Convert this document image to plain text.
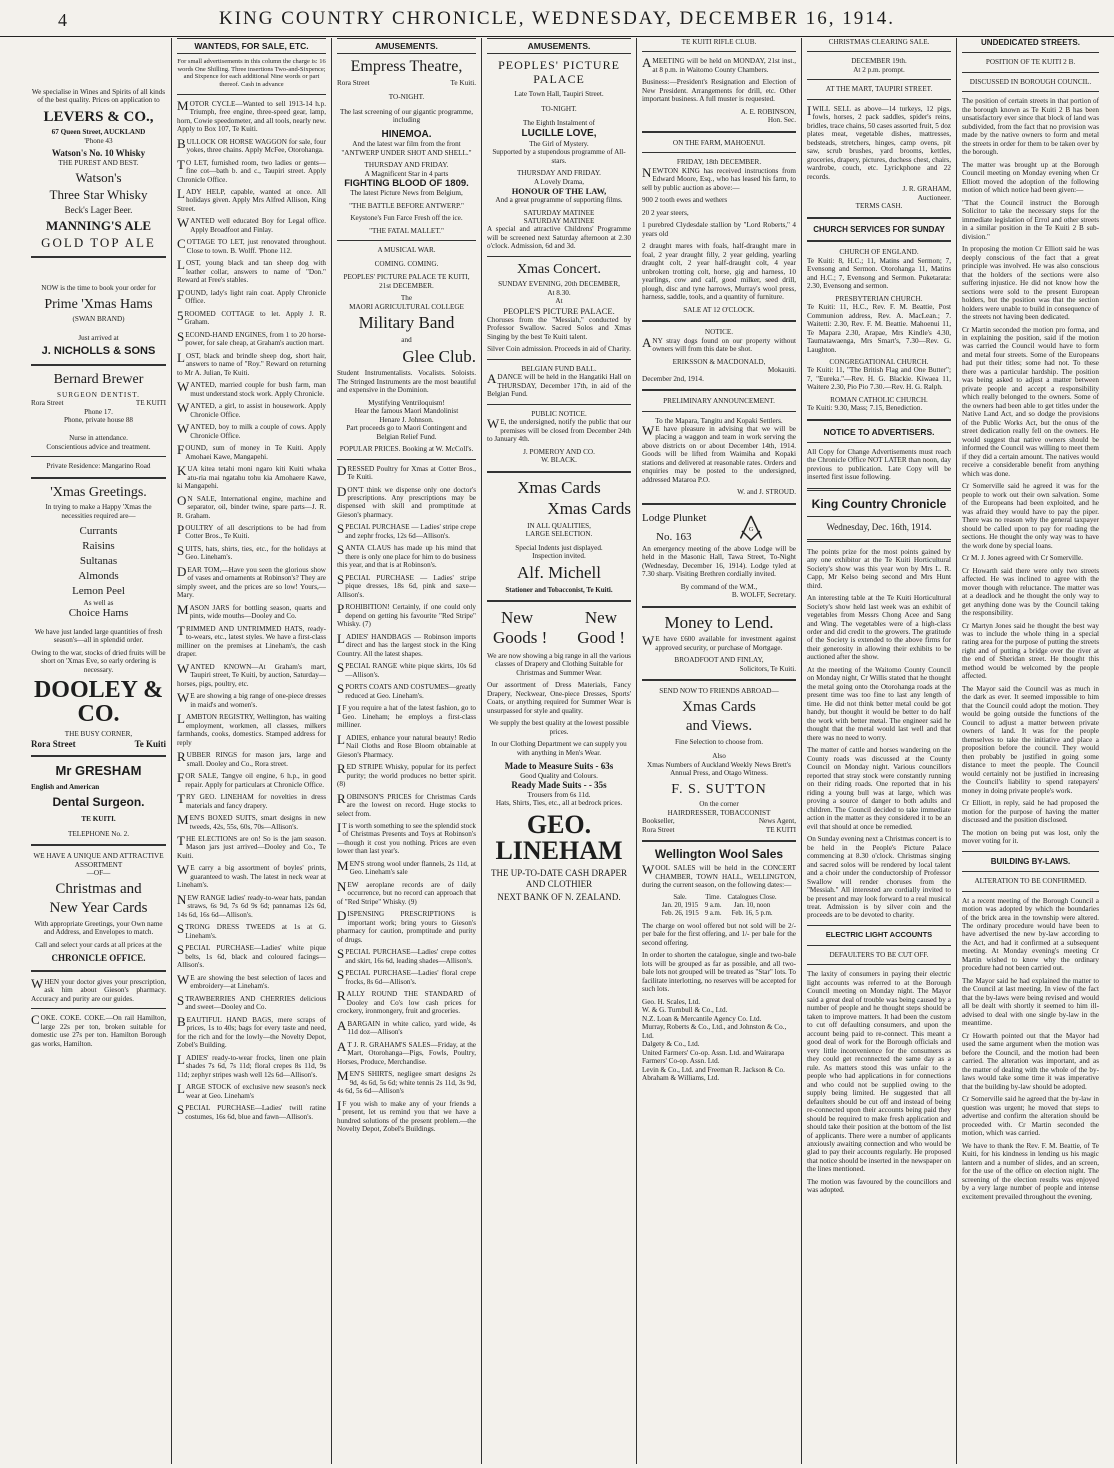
4	KING COUNTRY CHRONICLE, WEDNESDAY, DECEMBER 16, 1914.

We specialise in Wines and Spirits of all kinds of the best quality. Prices on application to

LEVERS & CO.,
67 Queen Street, AUCKLAND
'Phone 43
Watson's No. 10 Whisky
THE PUREST AND BEST.
Watson's
Three Star Whisky
Beck's Lager Beer.
MANNING'S ALE
GOLD TOP ALE

NOW is the time to book your order for

Prime 'Xmas Hams
(SWAN BRAND)
Just arrived at
J. NICHOLLS & SONS
Bernard Brewer
SURGEON DENTIST.
Rora Street	TE KUITI
Phone 17.
Phone, private house 88
Nurse in attendance.
Conscientious advice and treatment.
Private Residence: Mangarino Road
'Xmas Greetings.

In trying to make a Happy 'Xmas the necessities required are—

Currants
Raisins
Sultanas
Almonds
Lemon Peel
As well as
Choice Hams

We have just landed large quantities of fresh season's—all in splendid order.

Owing to the war, stocks of dried fruits will be short on 'Xmas Eve, so early ordering is necessary.

DOOLEY & CO.
THE BUSY CORNER,
Rora Street	Te Kuiti
Mr GRESHAM
English and American
Dental Surgeon.
TE KUITI.
TELEPHONE No. 2.
WE HAVE A UNIQUE AND ATTRACTIVE ASSORTMENT
—OF—
Christmas and
New Year Cards

With appropriate Greetings, your Own name and Address, and Envelopes to match.

Call and select your cards at all prices at the

CHRONICLE OFFICE.

WHEN your doctor gives your prescription, ask him about Gieson's pharmacy. Accuracy and purity are our guides.

COKE. COKE. COKE.—On rail Hamilton, large 22s per ton, broken suitable for domestic use 27s per ton. Hamilton Borough gas works, Hamilton.

WANTEDS, FOR SALE, ETC.

For small advertisements in this column the charge is: 16 words One Shilling. Three insertions Two-and-Sixpence; and Sixpence for each additional Nine words or part thereof. Cash in advance

MOTOR CYCLE—Wanted to sell 1913-14 h.p. Triumph, free engine, three-speed gear, lamp, horn, Cowie speedometer, and all tools, nearly new. Apply to Box 107, Te Kuiti.

BULLOCK OR HORSE WAGGON for sale, four yokes, three chains. Apply McFee, Otorohanga.

TO LET, furnished room, two ladies or gents—fine cot—bath b. and c., Taupiri street. Apply Chronicle Office.

LADY HELP, capable, wanted at once. All holidays given. Apply Mrs Alfred Allison, King Street.

WANTED well educated Boy for Legal office. Apply Broadfoot and Finlay.

COTTAGE TO LET, just renovated throughout. Close to town. B. Wolff. 'Phone 112.

LOST, young black and tan sheep dog with leather collar, answers to name of "Don." Reward at Free's stables.

FOUND, lady's light rain coat. Apply Chronicle Office.

5ROOMED COTTAGE to let. Apply J. R. Graham.

SECOND-HAND ENGINES, from 1 to 20 horse-power, for sale cheap, at Graham's auction mart.

LOST, black and brindle sheep dog, short hair, answers to name of "Roy." Reward on returning to Mr A. Julian, Te Kuiti.

WANTED, married couple for bush farm, man must understand stock work. Apply Chronicle.

WANTED, a girl, to assist in housework. Apply Chronicle Office.

WANTED, boy to milk a couple of cows. Apply Chronicle Office.

FOUND, sum of money in Te Kuiti. Apply Amohaei Kawe, Mangapehi.

KUA kitea tetahi moni ngaro kiti Kuiti whaka atu-ria mai ngatahu tohu kia Amohaere Kawe, ki Mangapehi.

ON SALE, International engine, machine and separator, oil, binder twine, spare parts—J. R. R. Graham.

POULTRY of all descriptions to be had from Cotter Bros., Te Kuiti.

SUITS, hats, shirts, ties, etc., for the holidays at Geo. Lineham's.

DEAR TOM,—Have you seen the glorious show of vases and ornaments at Robinson's? They are simply sweet, and the prices are so low! Yours,—Mary.

MASON JARS for bottling season, quarts and pints, wide mouths—Dooley and Co.

TRIMMED AND UNTRIMMED HATS, ready-to-wears, etc., latest styles. We have a first-class milliner on the premises at Lineham's, the cash draper.

WANTED KNOWN—At Graham's mart, Taupiri street, Te Kuiti, by auction, Saturday—horses, pigs, poultry, etc.

WE are showing a big range of one-piece dresses in maid's and women's.

LAMBTON REGISTRY, Wellington, has waiting employment, workmen, all classes, milkers farmhands, cooks, domestics. Stamped address for reply

RUBBER RINGS for mason jars, large and small. Dooley and Co., Rora street.

FOR SALE, Tangye oil engine, 6 h.p., in good repair. Apply for particulars at Chronicle Office.

TRY GEO. LINEHAM for novelties in dress materials and fancy drapery.

MEN'S BOXED SUITS, smart designs in new tweeds, 42s, 55s, 60s, 70s—Allison's.

THE ELECTIONS are on! So is the jam season. Mason jars just arrived—Dooley and Co., Te Kuiti.

WE carry a big assortment of boyles' prints, guaranteed to wash. The latest in neck wear at Lineham's.

NEW RANGE ladies' ready-to-wear hats, pandan straws, 6s 9d, 7s 6d 9s 6d; pannamas 12s 6d, 14s 6d, 16s 6d—Allison's.

STRONG DRESS TWEEDS at 1s at G. Lineham's.

SPECIAL PURCHASE—Ladies' white pique belts, 1s 6d, black and coloured facings—Allison's.

WE are showing the best selection of laces and embroidery—at Lineham's.

STRAWBERRIES AND CHERRIES delicious and sweet—Dooley and Co.

BEAUTIFUL HAND BAGS, mere scraps of prices, 1s to 40s; bags for every taste and need, for the rich and for the lowly—the Novelty Depot, Zobel's Building.

LADIES' ready-to-wear frocks, linen one plain shades 7s 6d, 7s 11d; floral crepes 8s 11d, 9s 11d; zephyr stripes wash well 12s 6d—Allison's.

LARGE STOCK of exclusive new season's neck wear at Geo. Lineham's

SPECIAL PURCHASE—Ladies' twill ratine costumes, 16s 6d, blue and fawn—Allison's.

AMUSEMENTS.
Empress Theatre,
Rora Street	Te Kuiti.
TO-NIGHT.

The last screening of our gigantic programme, including

HINEMOA.

And the latest war film from the front "ANTWERP UNDER SHOT AND SHELL."

THURSDAY AND FRIDAY.
A Magnificent Star in 4 parts
FIGHTING BLOOD OF 1809.

The latest Picture News from Belgium,

"THE BATTLE BEFORE ANTWERP."

Keystone's Fun Farce Fresh off the ice.

"THE FATAL MALLET."
A MUSICAL WAR.
COMING. COMING.

PEOPLES' PICTURE PALACE TE KUITI, 21st DECEMBER.

The
MAORI AGRICULTURAL COLLEGE
Military Band
and
Glee Club.

Student Instrumentalists. Vocalists. Soloists. The Stringed Instruments are the most beautiful and expensive in the Dominion.

Mystifying Ventriloquism!
Hear the famous Maori Mandolinist
Henare J. Johnson.

Part proceeds go to Maori Contingent and Belgian Relief Fund.

POPULAR PRICES. Booking at W. McColl's.

DRESSED Poultry for Xmas at Cotter Bros., Te Kuiti.

DON'T think we dispense only one doctor's prescriptions. Any prescriptions may be dispensed with skill and promptitude at Gieson's pharmacy.

SPECIAL PURCHASE — Ladies' stripe crepe and zephr frocks, 12s 6d—Allison's.

SANTA CLAUS has made up his mind that there is only one place for him to do business this year, and that is at Robinson's.

SPECIAL PURCHASE — Ladies' stripe pique dresses, 18s 6d, pink and saxe—Allison's.

PROHIBITION! Certainly, if one could only depend on getting his favourite "Red Stripe" Whisky. (7)

LADIES' HANDBAGS — Robinson imports direct and has the largest stock in the King Country. All the latest shapes.

SPECIAL RANGE white pique skirts, 10s 6d—Allison's.

SPORTS COATS AND COSTUMES—greatly reduced at Geo. Lineham's.

IF you require a hat of the latest fashion, go to Geo. Lineham; he employs a first-class milliner.

LADIES, enhance your natural beauty! Redio Nail Cloths and Rose Bloom obtainable at Gieson's Pharmacy.

RED STRIPE Whisky, popular for its perfect purity; the world produces no better spirit. (8)

ROBINSON'S PRICES for Christmas Cards are the lowest on record. Huge stocks to select from.

IT is worth something to see the splendid stock of Christmas Presents and Toys at Robinson's—though it cost you nothing. Prices are even lower than last year's.

MEN'S strong wool under flannels, 2s 11d, at Geo. Lineham's sale

NEW aeroplane records are of daily occurrence, but no record can approach that of "Red Stripe" Whisky. (9)

DISPENSING PRESCRIPTIONS is important work; bring yours to Gieson's pharmacy for caution, promptitude and purity of drugs.

SPECIAL PURCHASE—Ladies' crepe cottes and skirt, 16s 6d, leading shades—Allison's.

SPECIAL PURCHASE—Ladies' floral crepe frocks, 8s 6d—Allison's.

RALLY ROUND THE STANDARD of Dooley and Co's low cash prices for crockery, ironmongery, fruit and groceries.

ABARGAIN in white calico, yard wide, 4s 11d doz—Allison's

AT J. R. GRAHAM'S SALES—Friday, at the Mart, Otorohanga—Pigs, Fowls, Poultry, Horses, Produce, Merchandise.

MEN'S SHIRTS, negligee smart designs 2s 9d, 4s 6d, 5s 6d; white tennis 2s 11d, 3s 9d, 4s 6d, 5s 6d—Allison's

IF you wish to make any of your friends a present, let us remind you that we have a hundred solutions of the present problem.—the Novelty Depot, Zobel's Buildings.

AMUSEMENTS.
PEOPLES' PICTURE PALACE
Late Town Hall, Taupiri Street.
TO-NIGHT.
The Eighth Instalment of
LUCILLE LOVE,
The Girl of Mystery.

Supported by a stupendous programme of All-stars.

THURSDAY AND FRIDAY.
A Lovely Drama,
HONOUR OF THE LAW,

And a great programme of supporting films.

SATURDAY MATINEE
SATURDAY MATINEE

A special and attractive Childrens' Programme will be screened next Saturday afternoon at 2.30 o'clock. Admission, 6d and 3d.

Xmas Concert.
SUNDAY EVENING, 20th DECEMBER,
At 8.30.
At
PEOPLE'S PICTURE PALACE.

Choruses from the "Messiah," conducted by Professor Swallow. Sacred Solos and Xmas Singing by the best Te Kuiti talent.

Silver Coin admission. Proceeds in aid of Charity.

BELGIAN FUND BALL.

ADANCE will be held in the Hangatiki Hall on THURSDAY, December 17th, in aid of the Belgian Fund.

PUBLIC NOTICE.

WE, the undersigned, notify the public that our premises will be closed from December 24th to January 4th.

J. POMEROY AND CO.
W. BLACK.
Xmas Cards
Xmas Cards
IN ALL QUALITIES,
LARGE SELECTION.
Special Indents just displayed.
Inspection invited.
Alf. Michell
Stationer and Tobacconist, Te Kuiti.
New	New
Goods ! Good !

We are now showing a big range in all the various classes of Drapery and Clothing Suitable for Christmas and Summer Wear.

Our assortment of Dress Materials, Fancy Drapery, Neckwear, One-piece Dresses, Sports' Coats, or anything required for Summer Wear is unsurpassed for style and quality.

We supply the best quality at the lowest possible prices.

In our Clothing Department we can supply you with anything in Men's Wear.

Made to Measure Suits - 63s
Good Quality and Colours.
Ready Made Suits - - 35s
Trousers from 6s 11d.

Hats, Shirts, Ties, etc., all at bedrock prices.

GEO. LINEHAM
THE UP-TO-DATE CASH DRAPER AND CLOTHIER
NEXT BANK OF N. ZEALAND.
TE KUITI RIFLE CLUB.

AMEETING will be held on MONDAY, 21st inst., at 8 p.m. in Waitomo County Chambers.

Business:—President's Resignation and Election of New President. Arrangements for drill, etc. Other important business. A full muster is requested.

A. E. ROBINSON,
Hon. Sec.
ON THE FARM, MAHOENUI.
FRIDAY, 18th DECEMBER.

NEWTON KING has received instructions from Edward Moore, Esq., who has leased his farm, to sell by public auction as above:—

900 2 tooth ewes and wethers

20 2 year steers,

1 purebred Clydesdale stallion by "Lord Roberts," 4 years old

2 draught mares with foals, half-draught mare in foal, 2 year draught filly, 2 year gelding, yearling draught colt, 2 year half-draught colt, 4 year unbroken trotting colt, horse, gig and harness, 10 yearlings, cow and calf, good milker, seed drill, plough, disc and tyne harrows, Murray's wool press, harness, saddle, tools, and a quantity of furniture.

SALE AT 12 O'CLOCK.
NOTICE.

ANY stray dogs found on our property without owners will from this date be shot.

ERIKSSON & MACDONALD,
Mokauiti.
December 2nd, 1914.
PRELIMINARY ANNOUNCEMENT.
To the Mapara, Tangitu and Kopaki Settlers.

WE have pleasure in advising that we will be placing a waggon and team in work serving the above districts on or about December 14th, 1914. Goods will be lifted from Waimiha and Kopaki stations and delivered at reasonable rates. Orders and enquiries may be posted to the undersigned, addressed Mataroa P.O.

W. and J. STROUD.
Lodge Plunket
No. 163
G

An emergency meeting of the above Lodge will be held in the Masonic Hall, Tawa Street, To-Night (Wednesday, December 16, 1914). Lodge tyled at 7.30 sharp. Visiting Brethren cordially invited.

By command of the W.M.,
B. WOLFF, Secretary.
Money to Lend.

WE have £600 available for investment against approved security, or purchase of Mortgage.

BROADFOOT AND FINLAY,
Solicitors, Te Kuiti.
SEND NOW TO FRIENDS ABROAD—
Xmas Cards
and Views.
Fine Selection to choose from.
Also

Xmas Numbers of Auckland Weekly News Brett's Annual Press, and Otago Witness.

F. S. SUTTON
On the corner
HAIRDRESSER, TOBACCONIST
Bookseller,	News Agent,
Rora Street	TE KUITI
Wellington Wool Sales

WOOL SALES will be held in the CONCERT CHAMBER, TOWN HALL, WELLINGTON, during the current season, on the following dates:—

Sale.	Time.	Catalogues Close.
Jan. 20, 1915	9 a.m.	Jan. 10, noon
Feb. 26, 1915	9 a.m.	Feb. 16, 5 p.m.

The charge on wool offered but not sold will be 2/- per bale for the first offering, and 1/- per bale for the second offering.

In order to shorten the catalogue, single and two-bale lots will be grouped as far as possible, and all two-bale lots not grouped will be treated as "Star" lots. To facilitate interlotting, no reserves will be accepted for such lots.

Geo. H. Scales, Ltd.
W. & G. Turnbull & Co., Ltd.
N.Z. Loan & Mercantile Agency Co. Ltd.
Murray, Roberts & Co., Ltd., and Johnston & Co., Ltd.
Dalgety & Co., Ltd.
United Farmers' Co-op. Assn. Ltd. and Wairarapa Farmers' Co-op. Assn. Ltd.
Levin & Co., Ltd. and Freeman R. Jackson & Co.
Abraham & Williams, Ltd.
CHRISTMAS CLEARING SALE.
DECEMBER 19th.
At 2 p.m. prompt.
AT THE MART, TAUPIRI STREET.

IWILL SELL as above—14 turkeys, 12 pigs, fowls, horses, 2 pack saddles, spider's reins, bridles, trace chains, 50 cases assorted fruit, 5 doz plates meat, vegetable dishes, mattresses, bedsteads, stretchers, hinges, camp ovens, pit saw, scrub brushes, yard brooms, kettles, groceries, drapery, pictures, duchess chest, chairs, wardrobe, couch, etc. Lyrickphone and 22 records.

J. R. GRAHAM,
Auctioneer.
TERMS CASH.
CHURCH SERVICES FOR SUNDAY
CHURCH OF ENGLAND.

Te Kuiti: 8, H.C.; 11, Matins and Sermon; 7, Evensong and Sermon. Otorohanga 11, Matins and H.C.; 7, Evensong and Sermon. Puketarata: 2.30, Evensong and sermon.

PRESBYTERIAN CHURCH.

Te Kuiti: 11, H.C., Rev. F. M. Beattie, Post Communion address, Rev. A. MacLean.; 7. Waitetti: 2.30, Rev. F. M. Beattie. Mahoenui 11, Te Mapara 2.30, Arapae, Mrs Kindle's 4.30, Taumatawaenga, Mrs Smart's, 7.30—Rev. G. Laughton.

CONGREGATIONAL CHURCH.

Te Kuiti: 11, "The British Flag and One Butter"; 7, "Eureka."—Rev. H. G. Blackie. Kiwaea 11, Waitere 2.30, Pio Pio 7.30.—Rev. H. G. Ralph.

ROMAN CATHOLIC CHURCH.

Te Kuiti: 9.30, Mass; 7.15, Benediction.

NOTICE TO ADVERTISERS.

All Copy for Change Advertisements must reach the Chronicle Office NOT LATER than noon, day previous to publication. Late Copy will be inserted first issue following.

King Country Chronicle
Wednesday, Dec. 16th, 1914.

The points prize for the most points gained by any one exhibitor at the Te Kuiti Horticultural Society's show was this year won by Mrs L. R. Capp, Mr Kelso being second and Mrs Hunt third.

An interesting table at the Te Kuiti Horticultural Society's show held last week was an exhibit of vegetables from Messrs Chong Acee and Sang and Wing. The vegetables were of a high-class order and did credit to the growers. The gratitude of the Society is extended to the above firms for their generosity in allowing their exhibits to be auctioned after the show.

At the meeting of the Waitomo County Council on Monday night, Cr Willis stated that he thought the metal going onto the Otorohanga roads at the present time was too fine to last any length of time. He did not think better metal could be got handy, but thought it would be better to do half the work with better metal. The engineer said he thought that the metal would last well and that there was no need to worry.

The matter of cattle and horses wandering on the County roads was discussed at the County Council on Monday night. Various councillors reported that stray stock were constantly running on their riding roads. One reported that in his riding a young bull was at large, which was proving a source of danger to both adults and children. The Council decided to take immediate action in the matter as they considered it to be an evil that should at once be remedied.

On Sunday evening next a Christmas concert is to be held in the People's Picture Palace commencing at 8.30 o'clock. Christmas singing and sacred solos will be rendered by local talent and a choir under the conductorship of Professor Swallow will render choruses from the "Messiah." All interested are cordially invited to be present and may look forward to a real musical treat. Admission is by silver coin and the proceeds are to be devoted to charity.

ELECTRIC LIGHT ACCOUNTS
DEFAULTERS TO BE CUT OFF.

The laxity of consumers in paying their electric light accounts was referred to at the Borough Council meeting on Monday night. The Mayor said a great deal of trouble was being caused by a number of people and he thought steps should be taken to improve matters. It had been the custom to cut off defaulting consumers, and upon the account being paid to re-connect. This meant a good deal of work for the Borough officials and very little inconvenience for the consumers as they could get reconnected the same day as a rule. As matters stood this was unfair to the people who had applications in for connections and who could not be supplied owing to the supply being limited. He suggested that all defaulters should be cut off and instead of being re-connected upon their accounts being paid they should be required to make fresh application and should take their position at the bottom of the list of applicants. There were a number of applicants anxiously awaiting connection and who would be glad to pay their accounts regularly. He proposed that notice should be inserted in the newspaper on the lines mentioned.

The motion was favoured by the councillors and was adopted.

UNDEDICATED STREETS.
POSITION OF TE KUITI 2 B.
DISCUSSED IN BOROUGH COUNCIL.

The position of certain streets in that portion of the borough known as Te Kuiti 2 B has been unsatisfactory ever since that block of land was subdivided, from the fact that no provision was made by the native owners to form and metal the streets in order for them to be taken over by the borough.

The matter was brought up at the Borough Council meeting on Monday evening when Cr Elliott moved the adoption of the following motion of which notice had been given:—

"That the Council instruct the Borough Solicitor to take the necessary steps for the immediate legislation of Errol and other streets in a similar position in the Te Kuiti 2 B sub-division."

In proposing the motion Cr Elliott said he was deeply conscious of the fact that a great principle was involved. He was also conscious that the holders of the sections were also suffering injustice. He did not know how the sections were sold to the present European holders, but the position was that the section holders were unable to build in consequence of the streets not having been dedicated.

Cr Martin seconded the motion pro forma, and in explaining the position, said if the motion was carried the Council would have to form and metal four streets. Some of the Europeans had put their titles; some had not. To these there was a particular hardship. The position was being asked to adjust a matter between private people and accept a responsibility which really belonged to the owners. Some of the owners had been able to get titles under the Native Land Act, and so dodge the provisions of the Public Works Act, but the onus of the street dedication really fell on the owners. He would suggest that native owners should be informed the Council was willing to meet them if they did a certain amount. The natives would receive a considerable benefit from anything which was done.

Cr Somerville said he agreed it was for the people to work out their own salvation. Some of the Europeans had been exploited, and he was afraid they would have to pay the piper. There was no reason why the general taxpayer should be called upon to pay for roading the sections. He thought the only way was to have the work done by special loans.

Cr M. J. Jones agreed with Cr Somerville.

Cr Howarth said there were only two streets affected. He was inclined to agree with the mover though with reluctance. The matter was at a deadlock and he thought the only way to get anything done was by the Council taking the responsibility.

Cr Martyn Jones said he thought the best way was to include the whole thing in a special rating area for the purpose of putting the streets right and of putting a bridge over the river at the end of Sheridan street. He thought this method would be welcomed by the people affected.

The Mayor said the Council was as much in the dark as ever. It seemed impossible to him that the Council could adopt the motion. They would be going outside the functions of the Council to adjust a matter between private owners of land. It was for the people themselves to take the initiative and place a proposition before the council. They would then probably be justified in going some distance to meet the people. The Council would certainly not be justified in increasing the Council's liability to spend ratepayers' money in doing private people's work.

Cr Elliott, in reply, said he had proposed the motion for the purpose of having the matter discussed and the position disclosed.

The motion on being put was lost, only the mover voting for it.

BUILDING BY-LAWS.
ALTERATION TO BE CONFIRMED.

At a recent meeting of the Borough Council a motion was adopted by which the boundaries of the brick area in the township were altered. The ordinary procedure would have been to have advertised the new by-law according to the Act, and had it confirmed at a subsequent meeting. At Monday evening's meeting Cr Martin wished to know why the ordinary procedure had not been carried out.

The Mayor said he had explained the matter to the Council at last meeting. In view of the fact that the by-laws were being revised and would all be dealt with shortly it seemed to him ill-advised to deal with one single by-law in the meantime.

Cr Howarth pointed out that the Mayor had used the same argument when the motion was before the Council, and the motion had been carried. The alteration was important, and as the matter of dealing with the whole of the by-laws would take some time it was imperative that the building by-law should be adopted.

Cr Somerville said he agreed that the by-law in question was urgent; he moved that steps to advertise and confirm the alteration should be proceeded with. Cr Martin seconded the motion, which was carried.

We have to thank the Rev. F. M. Beattie, of Te Kuiti, for his kindness in lending us his magic lantern and a number of slides, and an screen, for the use of the office on election night. The screening of the election results was enjoyed by a very large number of people and intense excitement prevailed throughout the evening.
